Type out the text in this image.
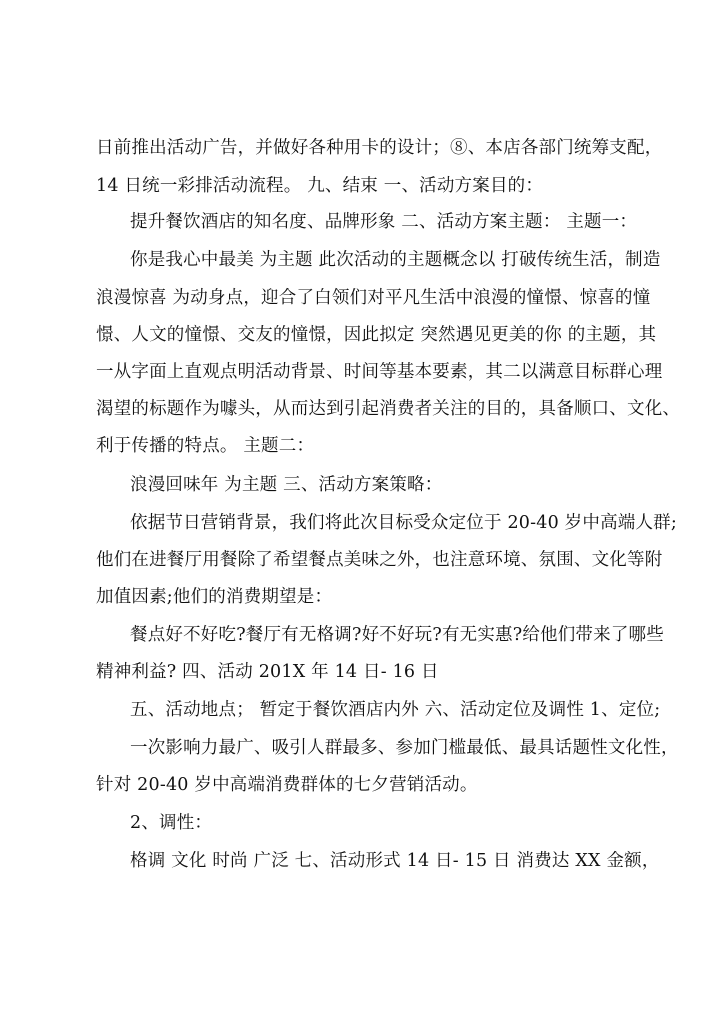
日前推出活动广告，并做好各种用卡的设计；⑧、本店各部门统筹支配，

14 日统一彩排活动流程。 九、结束 一、活动方案目的：

提升餐饮酒店的知名度、品牌形象 二、活动方案主题： 主题一：

你是我心中最美 为主题 此次活动的主题概念以 打破传统生活，制造

浪漫惊喜 为动身点，迎合了白领们对平凡生活中浪漫的憧憬、惊喜的憧

憬、人文的憧憬、交友的憧憬，因此拟定 突然遇见更美的你 的主题，其

一从字面上直观点明活动背景、时间等基本要素，其二以满意目标群心理

渴望的标题作为噱头，从而达到引起消费者关注的目的，具备顺口、文化、

利于传播的特点。 主题二：

浪漫回味年 为主题 三、活动方案策略：

依据节日营销背景，我们将此次目标受众定位于 20-40 岁中高端人群;

他们在进餐厅用餐除了希望餐点美味之外，也注意环境、氛围、文化等附

加值因素;他们的消费期望是：

餐点好不好吃?餐厅有无格调?好不好玩?有无实惠?给他们带来了哪些

精神利益? 四、活动 201X 年 14 日- 16 日

五、活动地点； 暂定于餐饮酒店内外 六、活动定位及调性 1、定位;

一次影响力最广、吸引人群最多、参加门槛最低、最具话题性文化性，

针对 20-40 岁中高端消费群体的七夕营销活动。

2、调性：

格调 文化 时尚 广泛 七、活动形式 14 日- 15 日 消费达 XX 金额，
